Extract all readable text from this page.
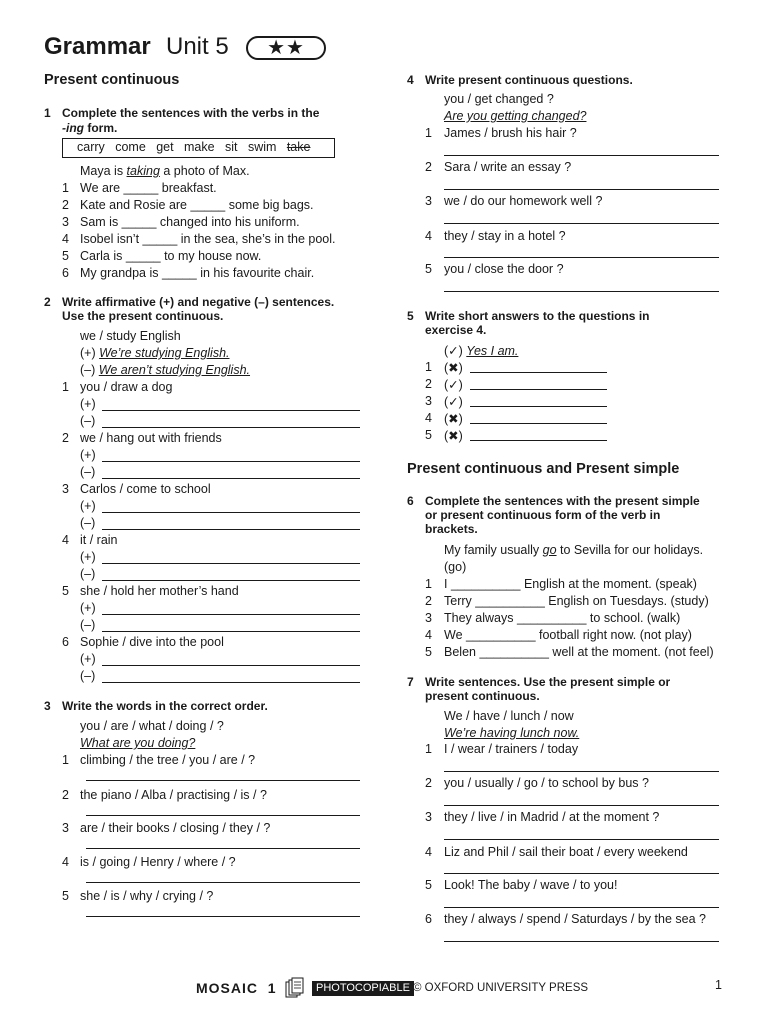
Grammar Unit 5	★★
Present continuous
1 Complete the sentences with the verbs in the
-ing form.
carry come get make sit swim take
Maya is taking a photo of Max.
1 We are _____ breakfast.
2 Kate and Rosie are _____ some big bags.
3 Sam is _____ changed into his uniform.
4 Isobel isn’t _____ in the sea, she’s in the pool.
5 Carla is _____ to my house now.
6 My grandpa is _____ in his favourite chair.
2 Write affirmative (+) and negative (–) sentences.
Use the present continuous.
we / study English
(+) We’re studying English.
(–) We aren’t studying English.
1 you / draw a dog
(+)
(–)
2 we / hang out with friends
(+)
(–)
3 Carlos / come to school
(+)
(–)
4 it / rain
(+)
(–)
5 she / hold her mother’s hand
(+)
(–)
6 Sophie / dive into the pool
(+)
(–)
3 Write the words in the correct order.
you / are / what / doing / ?
What are you doing?
1 climbing / the tree / you / are / ?
2 the piano / Alba / practising / is / ?
3 are / their books / closing / they / ?
4 is / going / Henry / where / ?
5 she / is / why / crying / ?
4 Write present continuous questions.
you / get changed ?
Are you getting changed?
1 James / brush his hair ?
2 Sara / write an essay ?
3 we / do our homework well ?
4 they / stay in a hotel ?
5 you / close the door ?
5 Write short answers to the questions in
exercise 4.
(✓) Yes I am.
1 (✖)
2 (✓)
3 (✓)
4 (✖)
5 (✖)
Present continuous and Present simple
6 Complete the sentences with the present simple
or present continuous form of the verb in
brackets.
My family usually go to Sevilla for our holidays.
(go)
1 I __________ English at the moment. (speak)
2 Terry __________ English on Tuesdays. (study)
3 They always __________ to school. (walk)
4 We __________ football right now. (not play)
5 Belen __________ well at the moment. (not feel)
7 Write sentences. Use the present simple or
present continuous.
We / have / lunch / now
We’re having lunch now.
1 I / wear / trainers / today
2 you / usually / go / to school by bus ?
3 they / live / in Madrid / at the moment ?
4 Liz and Phil / sail their boat / every weekend
5 Look! The baby / wave / to you!
6 they / always / spend / Saturdays / by the sea ?
MOSAIC 1	PHOTOCOPIABLE © OXFORD UNIVERSITY PRESS	1
